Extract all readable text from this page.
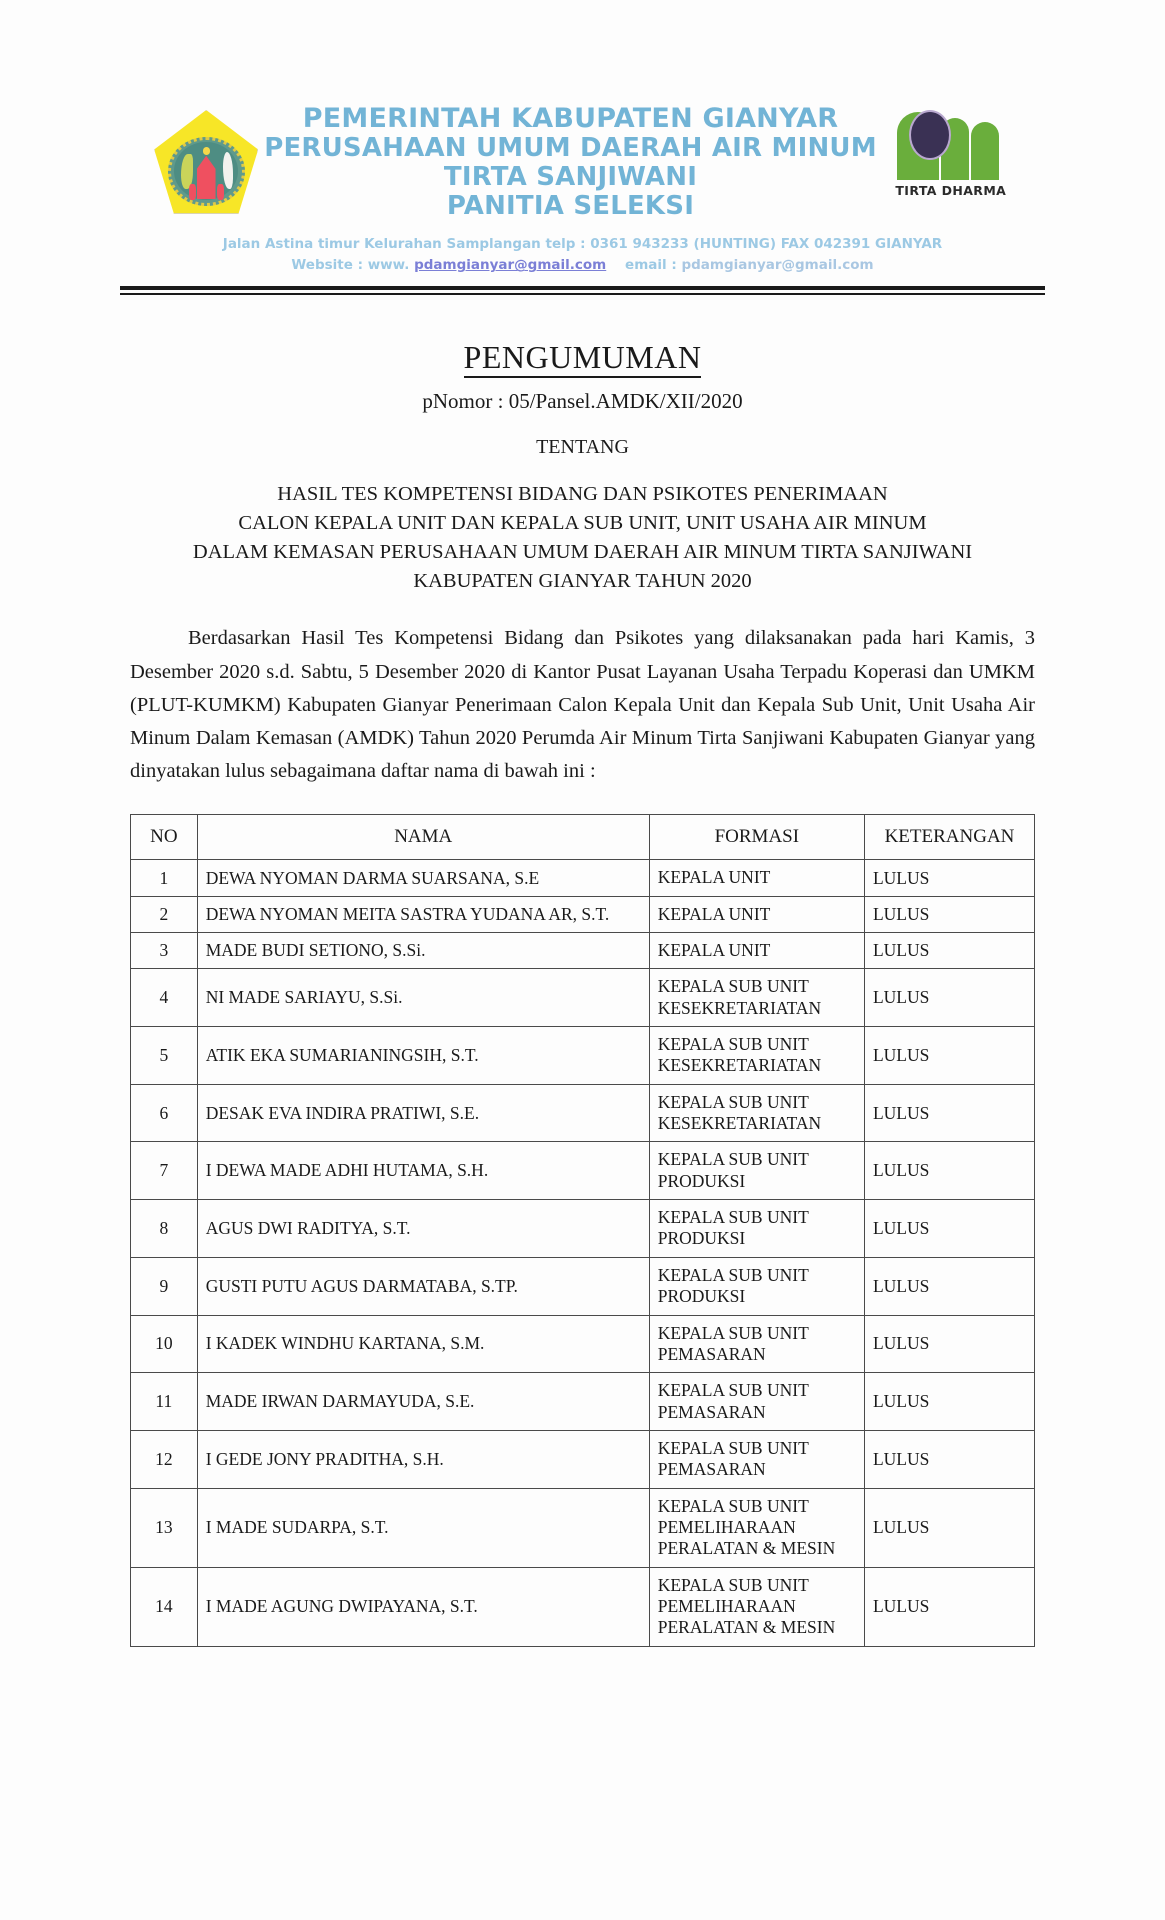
PEMERINTAH KABUPATEN GIANYAR
PERUSAHAAN UMUM DAERAH AIR MINUM
TIRTA SANJIWANI
PANITIA SELEKSI
TIRTA DHARMA
Jalan Astina timur Kelurahan Samplangan telp : 0361 943233 (HUNTING) FAX 042391 GIANYAR
Website : www. pdamgianyar@gmail.com email : pdamgianyar@gmail.com
PENGUMUMAN
pNomor : 05/Pansel.AMDK/XII/2020
TENTANG
HASIL TES KOMPETENSI BIDANG DAN PSIKOTES PENERIMAAN
CALON KEPALA UNIT DAN KEPALA SUB UNIT, UNIT USAHA AIR MINUM
DALAM KEMASAN PERUSAHAAN UMUM DAERAH AIR MINUM TIRTA SANJIWANI
KABUPATEN GIANYAR TAHUN 2020
Berdasarkan Hasil Tes Kompetensi Bidang dan Psikotes yang dilaksanakan pada hari Kamis, 3 Desember 2020 s.d. Sabtu, 5 Desember 2020 di Kantor Pusat Layanan Usaha Terpadu Koperasi dan UMKM (PLUT-KUMKM) Kabupaten Gianyar Penerimaan Calon Kepala Unit dan Kepala Sub Unit, Unit Usaha Air Minum Dalam Kemasan (AMDK) Tahun 2020 Perumda Air Minum Tirta Sanjiwani Kabupaten Gianyar yang dinyatakan lulus sebagaimana daftar nama di bawah ini :
NO	NAMA	FORMASI	KETERANGAN
1	DEWA NYOMAN DARMA SUARSANA, S.E	KEPALA UNIT	LULUS
2	DEWA NYOMAN MEITA SASTRA YUDANA AR, S.T.	KEPALA UNIT	LULUS
3	MADE BUDI SETIONO, S.Si.	KEPALA UNIT	LULUS
4	NI MADE SARIAYU, S.Si.	KEPALA SUB UNIT KESEKRETARIATAN	LULUS
5	ATIK EKA SUMARIANINGSIH, S.T.	KEPALA SUB UNIT KESEKRETARIATAN	LULUS
6	DESAK EVA INDIRA PRATIWI, S.E.	KEPALA SUB UNIT KESEKRETARIATAN	LULUS
7	I DEWA MADE ADHI HUTAMA, S.H.	KEPALA SUB UNIT PRODUKSI	LULUS
8	AGUS DWI RADITYA, S.T.	KEPALA SUB UNIT PRODUKSI	LULUS
9	GUSTI PUTU AGUS DARMATABA, S.TP.	KEPALA SUB UNIT PRODUKSI	LULUS
10	I KADEK WINDHU KARTANA, S.M.	KEPALA SUB UNIT PEMASARAN	LULUS
11	MADE IRWAN DARMAYUDA, S.E.	KEPALA SUB UNIT PEMASARAN	LULUS
12	I GEDE JONY PRADITHA, S.H.	KEPALA SUB UNIT PEMASARAN	LULUS
13	I MADE SUDARPA, S.T.	KEPALA SUB UNIT PEMELIHARAAN PERALATAN & MESIN	LULUS
14	I MADE AGUNG DWIPAYANA, S.T.	KEPALA SUB UNIT PEMELIHARAAN PERALATAN & MESIN	LULUS
